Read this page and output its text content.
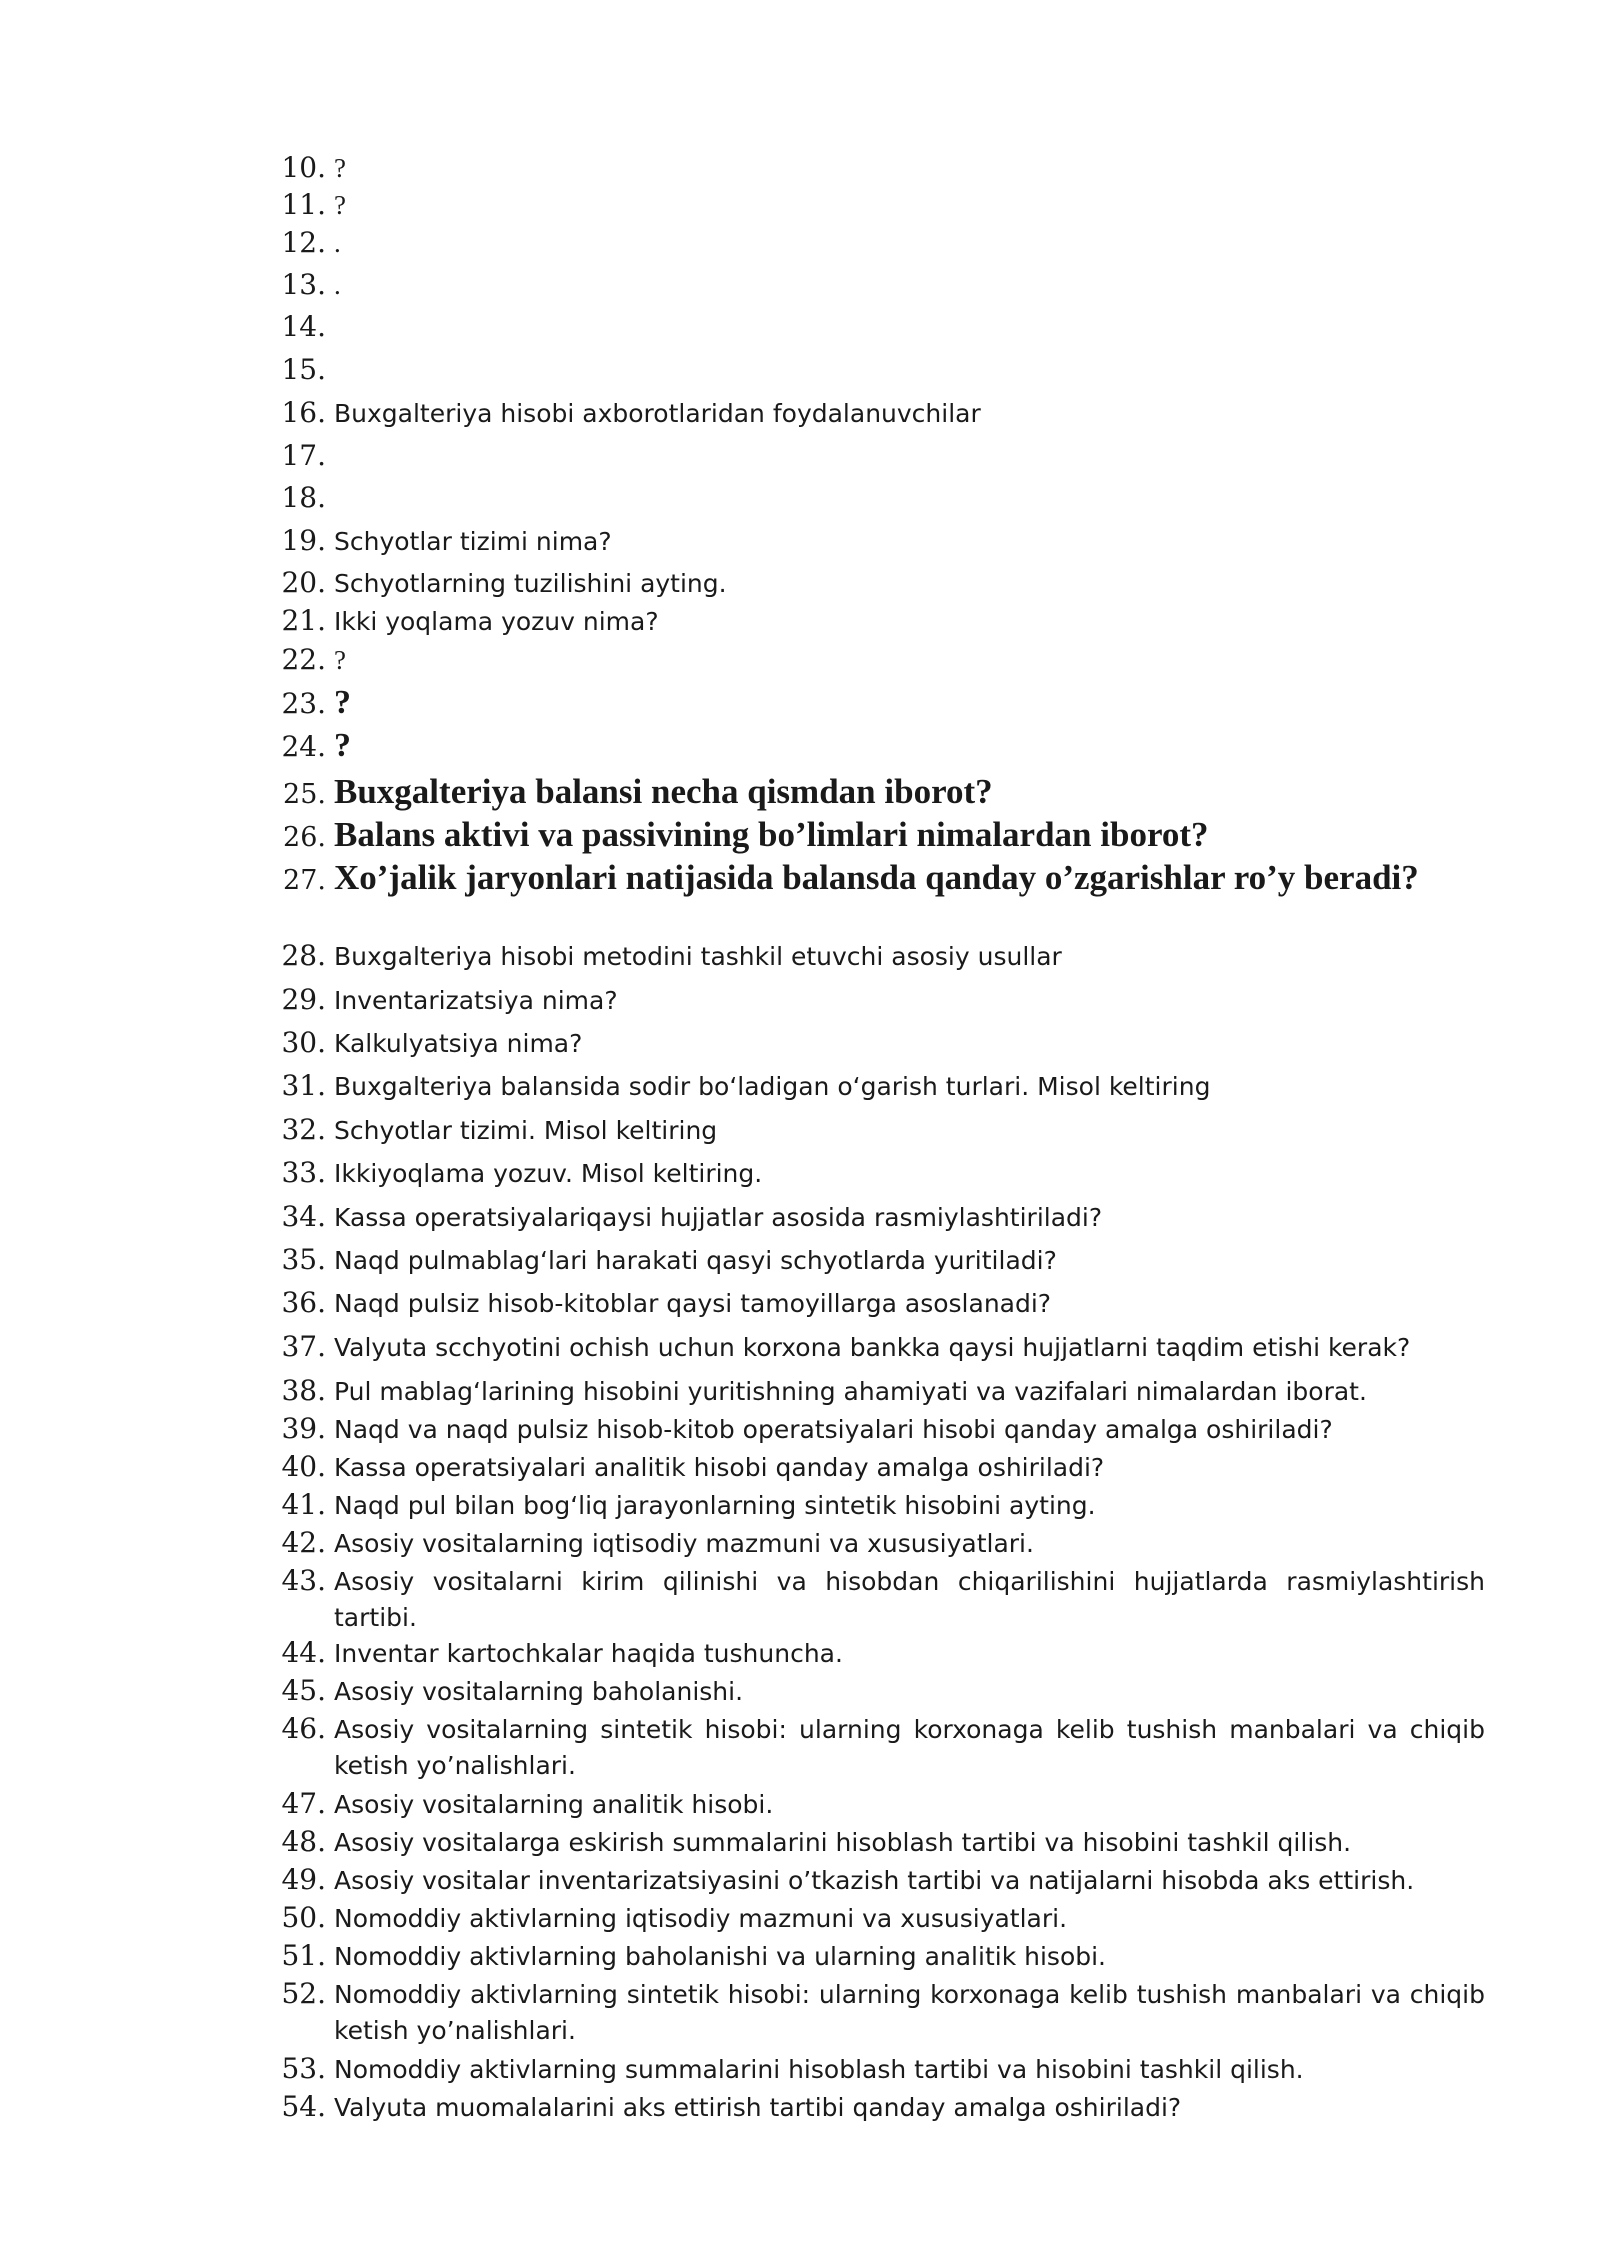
10. ?
11. ?
12. .
13. .
14.
15.
16. Buxgalteriya hisobi axborotlaridan foydalanuvchilar
17.
18.
19. Schyotlar tizimi nima?
20. Schyotlarning tuzilishini ayting.
21. Ikki yoqlama yozuv nima?
22. ?
23. ?
24. ?
25. Buxgalteriya balansi necha qismdan iborot?
26. Balans aktivi va passivining bo’limlari nimalardan iborot?
27. Xo’jalik jaryonlari natijasida balansda qanday o’zgarishlar ro’y beradi?
28. Buxgalteriya hisobi metodini tashkil etuvchi asosiy usullar
29. Inventarizatsiya nima?
30. Kalkulyatsiya nima?
31. Buxgalteriya balansida sodir boʻladigan oʻgarish turlari. Misol keltiring
32. Schyotlar tizimi. Misol keltiring
33. Ikkiyoqlama yozuv. Misol keltiring.
34. Kassa operatsiyalariqaysi hujjatlar asosida rasmiylashtiriladi?
35. Naqd pulmablagʻlari harakati qasyi schyotlarda yuritiladi?
36. Naqd pulsiz hisob-kitoblar qaysi tamoyillarga asoslanadi?
37. Valyuta scchyotini ochish uchun korxona bankka qaysi hujjatlarni taqdim etishi kerak?
38. Pul mablagʻlarining hisobini yuritishning ahamiyati va vazifalari nimalardan iborat.
39. Naqd va naqd pulsiz hisob-kitob operatsiyalari hisobi qanday amalga oshiriladi?
40. Kassa operatsiyalari analitik hisobi qanday amalga oshiriladi?
41. Naqd pul bilan bogʻliq jarayonlarning sintetik hisobini ayting.
42. Asosiy vositalarning iqtisodiy mazmuni va xususiyatlari.
43. Asosiy vositalarni kirim qilinishi va hisobdan chiqarilishini hujjatlarda rasmiylashtirish tartibi.
44. Inventar kartochkalar haqida tushuncha.
45. Asosiy vositalarning baholanishi.
46. Asosiy vositalarning sintetik hisobi: ularning korxonaga kelib tushish manbalari va chiqib ketish yo’nalishlari.
47. Asosiy vositalarning analitik hisobi.
48. Asosiy vositalarga eskirish summalarini hisoblash tartibi va hisobini tashkil qilish.
49. Asosiy vositalar inventarizatsiyasini o’tkazish tartibi va natijalarni hisobda aks ettirish.
50. Nomoddiy aktivlarning iqtisodiy mazmuni va xususiyatlari.
51. Nomoddiy aktivlarning baholanishi va ularning analitik hisobi.
52. Nomoddiy aktivlarning sintetik hisobi: ularning korxonaga kelib tushish manbalari va chiqib ketish yo’nalishlari.
53. Nomoddiy aktivlarning summalarini hisoblash tartibi va hisobini tashkil qilish.
54. Valyuta muomalalarini aks ettirish tartibi qanday amalga oshiriladi?
